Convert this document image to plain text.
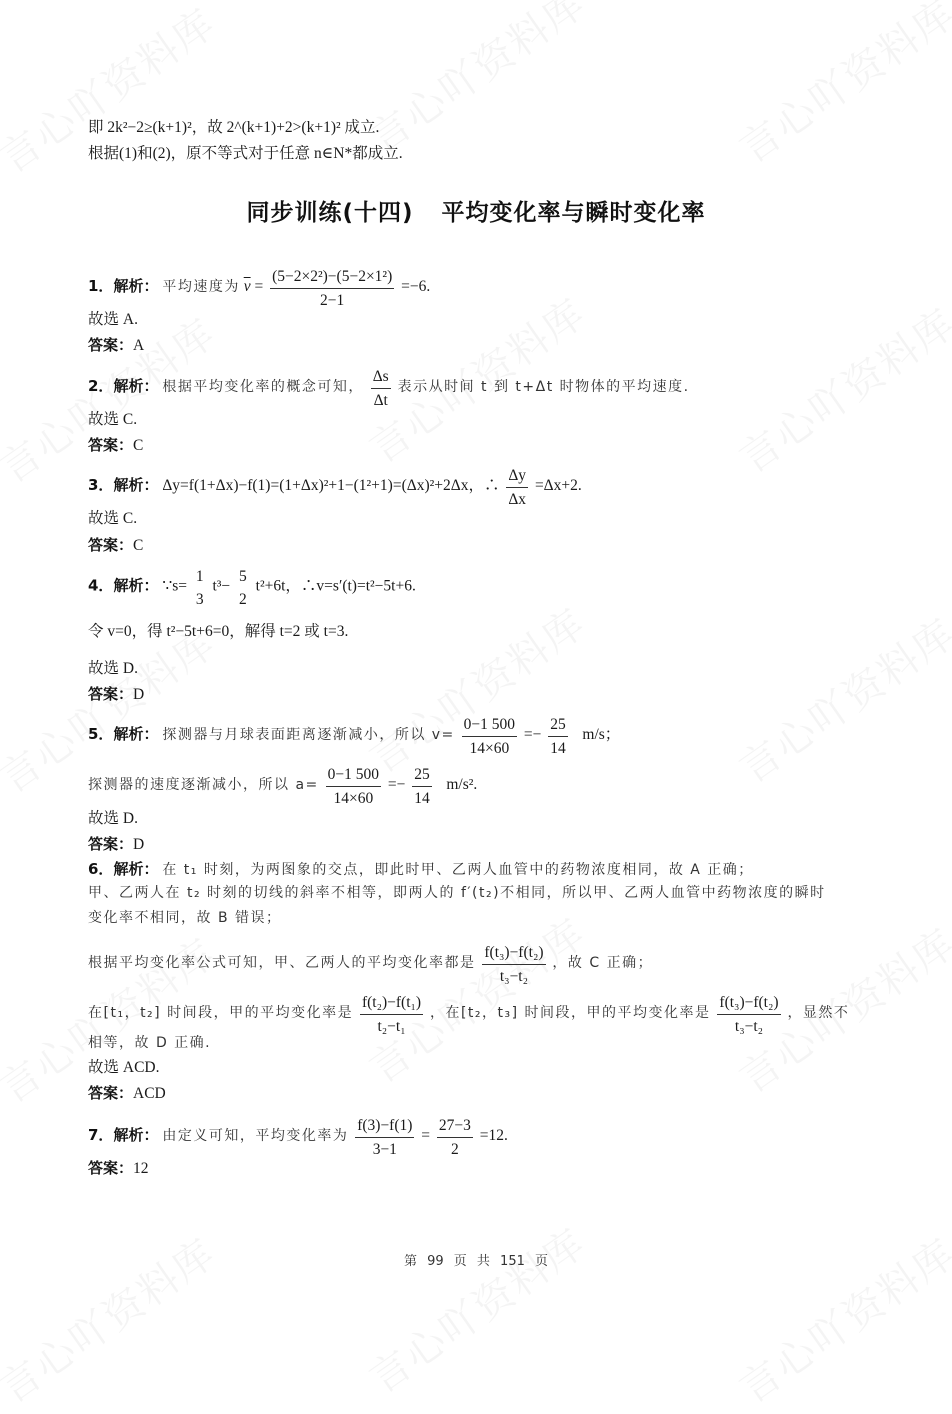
即 2k²−2≥(k+1)²，故 2^(k+1)+2>(k+1)² 成立.
根据(1)和(2)，原不等式对于任意 n∈N*都成立.
同步训练(十四) 平均变化率与瞬时变化率
1．解析： 平均速度为 $\overline{v} = \frac{\text{(5−2×2²)−(5−2×1²)}}{2-1} =-6$.
故选 A.
答案：A
2．解析： 根据平均变化率的概念可知， $\frac{\Delta s}{\Delta t}$ 表示从时间 t 到 t+Δt 时物体的平均速度.
故选 C.
答案：C
3．解析： Δy=f(1+Δx)−f(1)=(1+Δx)²+1−(1²+1)=(Δx)²+2Δx，∴ $\frac{\Delta y}{\Delta x} =\Delta x+2$.
故选 C.
答案：C
4．解析： ∵s=
1
3
t³−
5
2
t²+6t，∴v=s′(t)=t²−5t+6.
令 v=0，得 t²−5t+6=0，解得 t=2 或 t=3.
故选 D.
答案：D
5．解析： 探测器与月球表面距离逐渐减小，所以 $v= \frac{0-1 500}{14\times 60} =- \frac{25}{14} m/s$；
探测器的速度逐渐减小，所以 $a= \frac{0-1 500}{14\times 60} =- \frac{25}{14} m/s^2$.
故选 D.
答案：D
6．解析： 在 t₁ 时刻，为两图象的交点，即此时甲、乙两人血管中的药物浓度相同，故 A 正确；
甲、乙两人在 t₂ 时刻的切线的斜率不相等，即两人的 f′(t₂)不相同，所以甲、乙两人血管中药物浓度的瞬时
变化率不相同，故 B 错误；
根据平均变化率公式可知，甲、乙两人的平均变化率都是 $\frac{\text{f(t₃)−f(t₂)}}{\text{t₃−t₂}}$ ，故 C 正确；
在[t₁，t₂] 时间段，甲的平均变化率是 $\frac{\text{f(t₂)−f(t₁)}}{\text{t₂−t₁}}$ ，在[t₂，t₃] 时间段，甲的平均变化率是 $\frac{\text{f(t₃)−f(t₂)}}{\text{t₃−t₂}}$ ，显然不
相等，故 D 正确.
故选 ACD.
答案：ACD
7．解析： 由定义可知，平均变化率为 $\frac{f(3)-f(1)}{3-1} = \frac{27-3}{2} =12$.
答案：12
第 99 页 共 151 页
